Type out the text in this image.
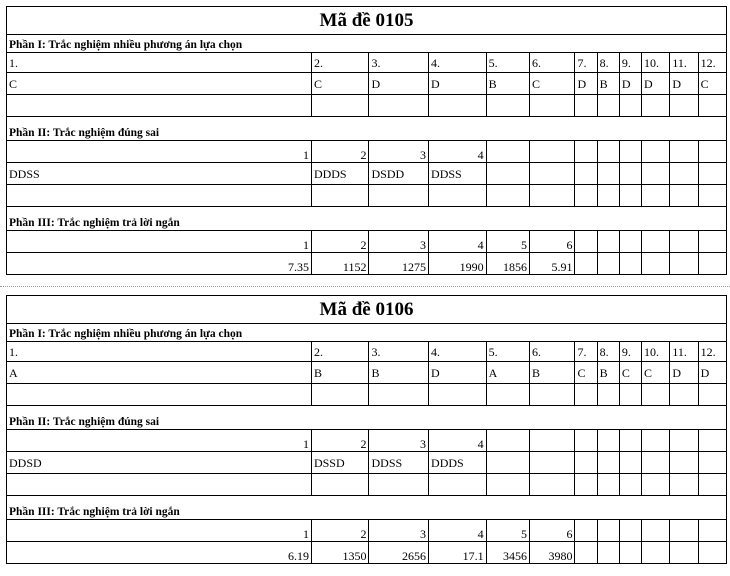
Mã đề 0105											
Phần I: Trắc nghiệm nhiều phương án lựa chọn											
1.	2.	3.	4.	5.	6.	7.	8.	9.	10.	11.	12.
C	C	D	D	B	C	D	B	D	D	D	C

Phần II: Trắc nghiệm đúng sai											
1	2	3	4								
DDSS	DDDS	DSDD	DDSS								

Phần III: Trắc nghiệm trả lời ngắn											
1	2	3	4	5	6						
7.35	1152	1275	1990	1856	5.91						
Mã đề 0106											
Phần I: Trắc nghiệm nhiều phương án lựa chọn											
1.	2.	3.	4.	5.	6.	7.	8.	9.	10.	11.	12.
A	B	B	D	A	B	C	B	C	C	D	D

Phần II: Trắc nghiệm đúng sai											
1	2	3	4								
DDSD	DSSD	DDSS	DDDS								

Phần III: Trắc nghiệm trả lời ngắn											
1	2	3	4	5	6						
6.19	1350	2656	17.1	3456	3980						
